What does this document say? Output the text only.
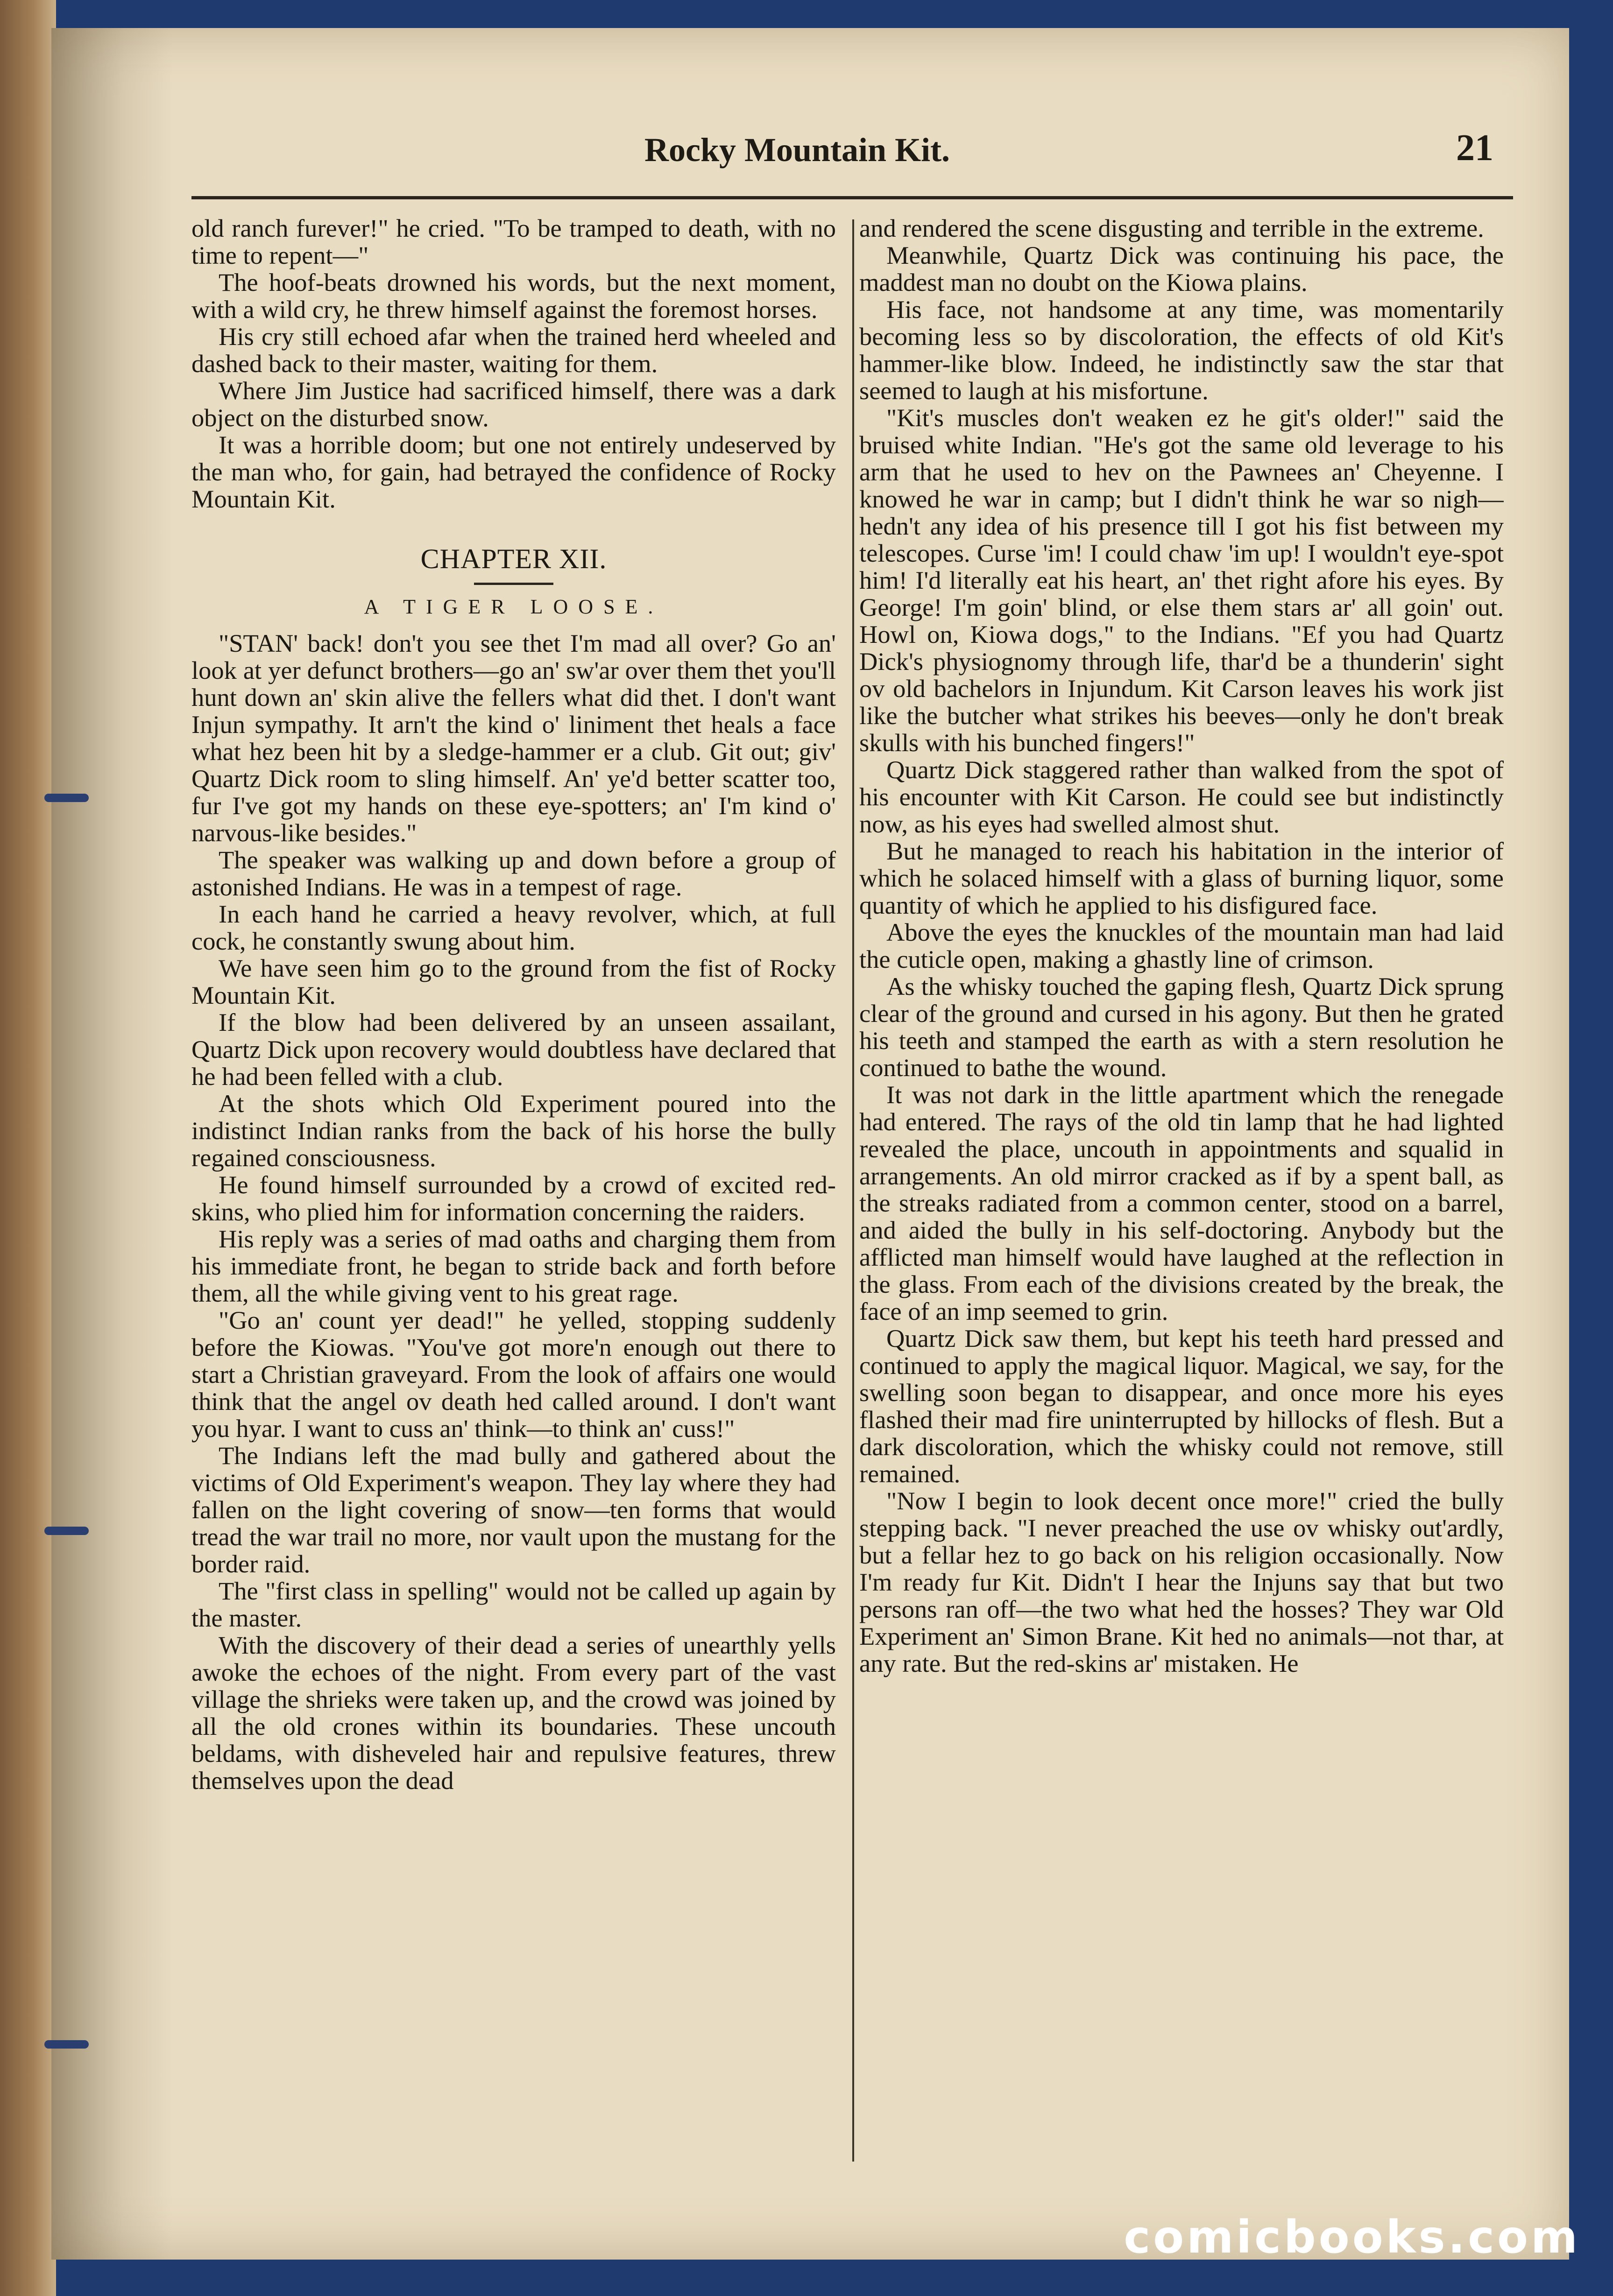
Rocky Mountain Kit.	21

old ranch furever!" he cried. "To be tramped to death, with no time to repent—"

The hoof-beats drowned his words, but the next moment, with a wild cry, he threw himself against the foremost horses.

His cry still echoed afar when the trained herd wheeled and dashed back to their master, waiting for them.

Where Jim Justice had sacrificed himself, there was a dark object on the disturbed snow.

It was a horrible doom; but one not entirely undeserved by the man who, for gain, had betrayed the confidence of Rocky Mountain Kit.

CHAPTER XII.
A TIGER LOOSE.

"STAN' back! don't you see thet I'm mad all over? Go an' look at yer defunct brothers—go an' sw'ar over them thet you'll hunt down an' skin alive the fellers what did thet. I don't want Injun sympathy. It arn't the kind o' liniment thet heals a face what hez been hit by a sledge-hammer er a club. Git out; giv' Quartz Dick room to sling himself. An' ye'd better scatter too, fur I've got my hands on these eye-spotters; an' I'm kind o' narvous-like besides."

The speaker was walking up and down before a group of astonished Indians. He was in a tempest of rage.

In each hand he carried a heavy revolver, which, at full cock, he constantly swung about him.

We have seen him go to the ground from the fist of Rocky Mountain Kit.

If the blow had been delivered by an unseen assailant, Quartz Dick upon recovery would doubtless have declared that he had been felled with a club.

At the shots which Old Experiment poured into the indistinct Indian ranks from the back of his horse the bully regained consciousness.

He found himself surrounded by a crowd of excited red-skins, who plied him for information concerning the raiders.

His reply was a series of mad oaths and charging them from his immediate front, he began to stride back and forth before them, all the while giving vent to his great rage.

"Go an' count yer dead!" he yelled, stopping suddenly before the Kiowas. "You've got more'n enough out there to start a Christian graveyard. From the look of affairs one would think that the angel ov death hed called around. I don't want you hyar. I want to cuss an' think—to think an' cuss!"

The Indians left the mad bully and gathered about the victims of Old Experiment's weapon. They lay where they had fallen on the light covering of snow—ten forms that would tread the war trail no more, nor vault upon the mustang for the border raid.

The "first class in spelling" would not be called up again by the master.

With the discovery of their dead a series of unearthly yells awoke the echoes of the night. From every part of the vast village the shrieks were taken up, and the crowd was joined by all the old crones within its boundaries. These uncouth beldams, with disheveled hair and repulsive features, threw themselves upon the dead

and rendered the scene disgusting and terrible in the extreme.

Meanwhile, Quartz Dick was continuing his pace, the maddest man no doubt on the Kiowa plains.

His face, not handsome at any time, was momentarily becoming less so by discoloration, the effects of old Kit's hammer-like blow. Indeed, he indistinctly saw the star that seemed to laugh at his misfortune.

"Kit's muscles don't weaken ez he git's older!" said the bruised white Indian. "He's got the same old leverage to his arm that he used to hev on the Pawnees an' Cheyenne. I knowed he war in camp; but I didn't think he war so nigh—hedn't any idea of his presence till I got his fist between my telescopes. Curse 'im! I could chaw 'im up! I wouldn't eye-spot him! I'd literally eat his heart, an' thet right afore his eyes. By George! I'm goin' blind, or else them stars ar' all goin' out. Howl on, Kiowa dogs," to the Indians. "Ef you had Quartz Dick's physiognomy through life, thar'd be a thunderin' sight ov old bachelors in Injundum. Kit Carson leaves his work jist like the butcher what strikes his beeves—only he don't break skulls with his bunched fingers!"

Quartz Dick staggered rather than walked from the spot of his encounter with Kit Carson. He could see but indistinctly now, as his eyes had swelled almost shut.

But he managed to reach his habitation in the interior of which he solaced himself with a glass of burning liquor, some quantity of which he applied to his disfigured face.

Above the eyes the knuckles of the mountain man had laid the cuticle open, making a ghastly line of crimson.

As the whisky touched the gaping flesh, Quartz Dick sprung clear of the ground and cursed in his agony. But then he grated his teeth and stamped the earth as with a stern resolution he continued to bathe the wound.

It was not dark in the little apartment which the renegade had entered. The rays of the old tin lamp that he had lighted revealed the place, uncouth in appointments and squalid in arrangements. An old mirror cracked as if by a spent ball, as the streaks radiated from a common center, stood on a barrel, and aided the bully in his self-doctoring. Anybody but the afflicted man himself would have laughed at the reflection in the glass. From each of the divisions created by the break, the face of an imp seemed to grin.

Quartz Dick saw them, but kept his teeth hard pressed and continued to apply the magical liquor. Magical, we say, for the swelling soon began to disappear, and once more his eyes flashed their mad fire uninterrupted by hillocks of flesh. But a dark discoloration, which the whisky could not remove, still remained.

"Now I begin to look decent once more!" cried the bully stepping back. "I never preached the use ov whisky out'ardly, but a fellar hez to go back on his religion occasionally. Now I'm ready fur Kit. Didn't I hear the Injuns say that but two persons ran off—the two what hed the hosses? They war Old Experiment an' Simon Brane. Kit hed no animals—not thar, at any rate. But the red-skins ar' mistaken. He

comicbooks.com
